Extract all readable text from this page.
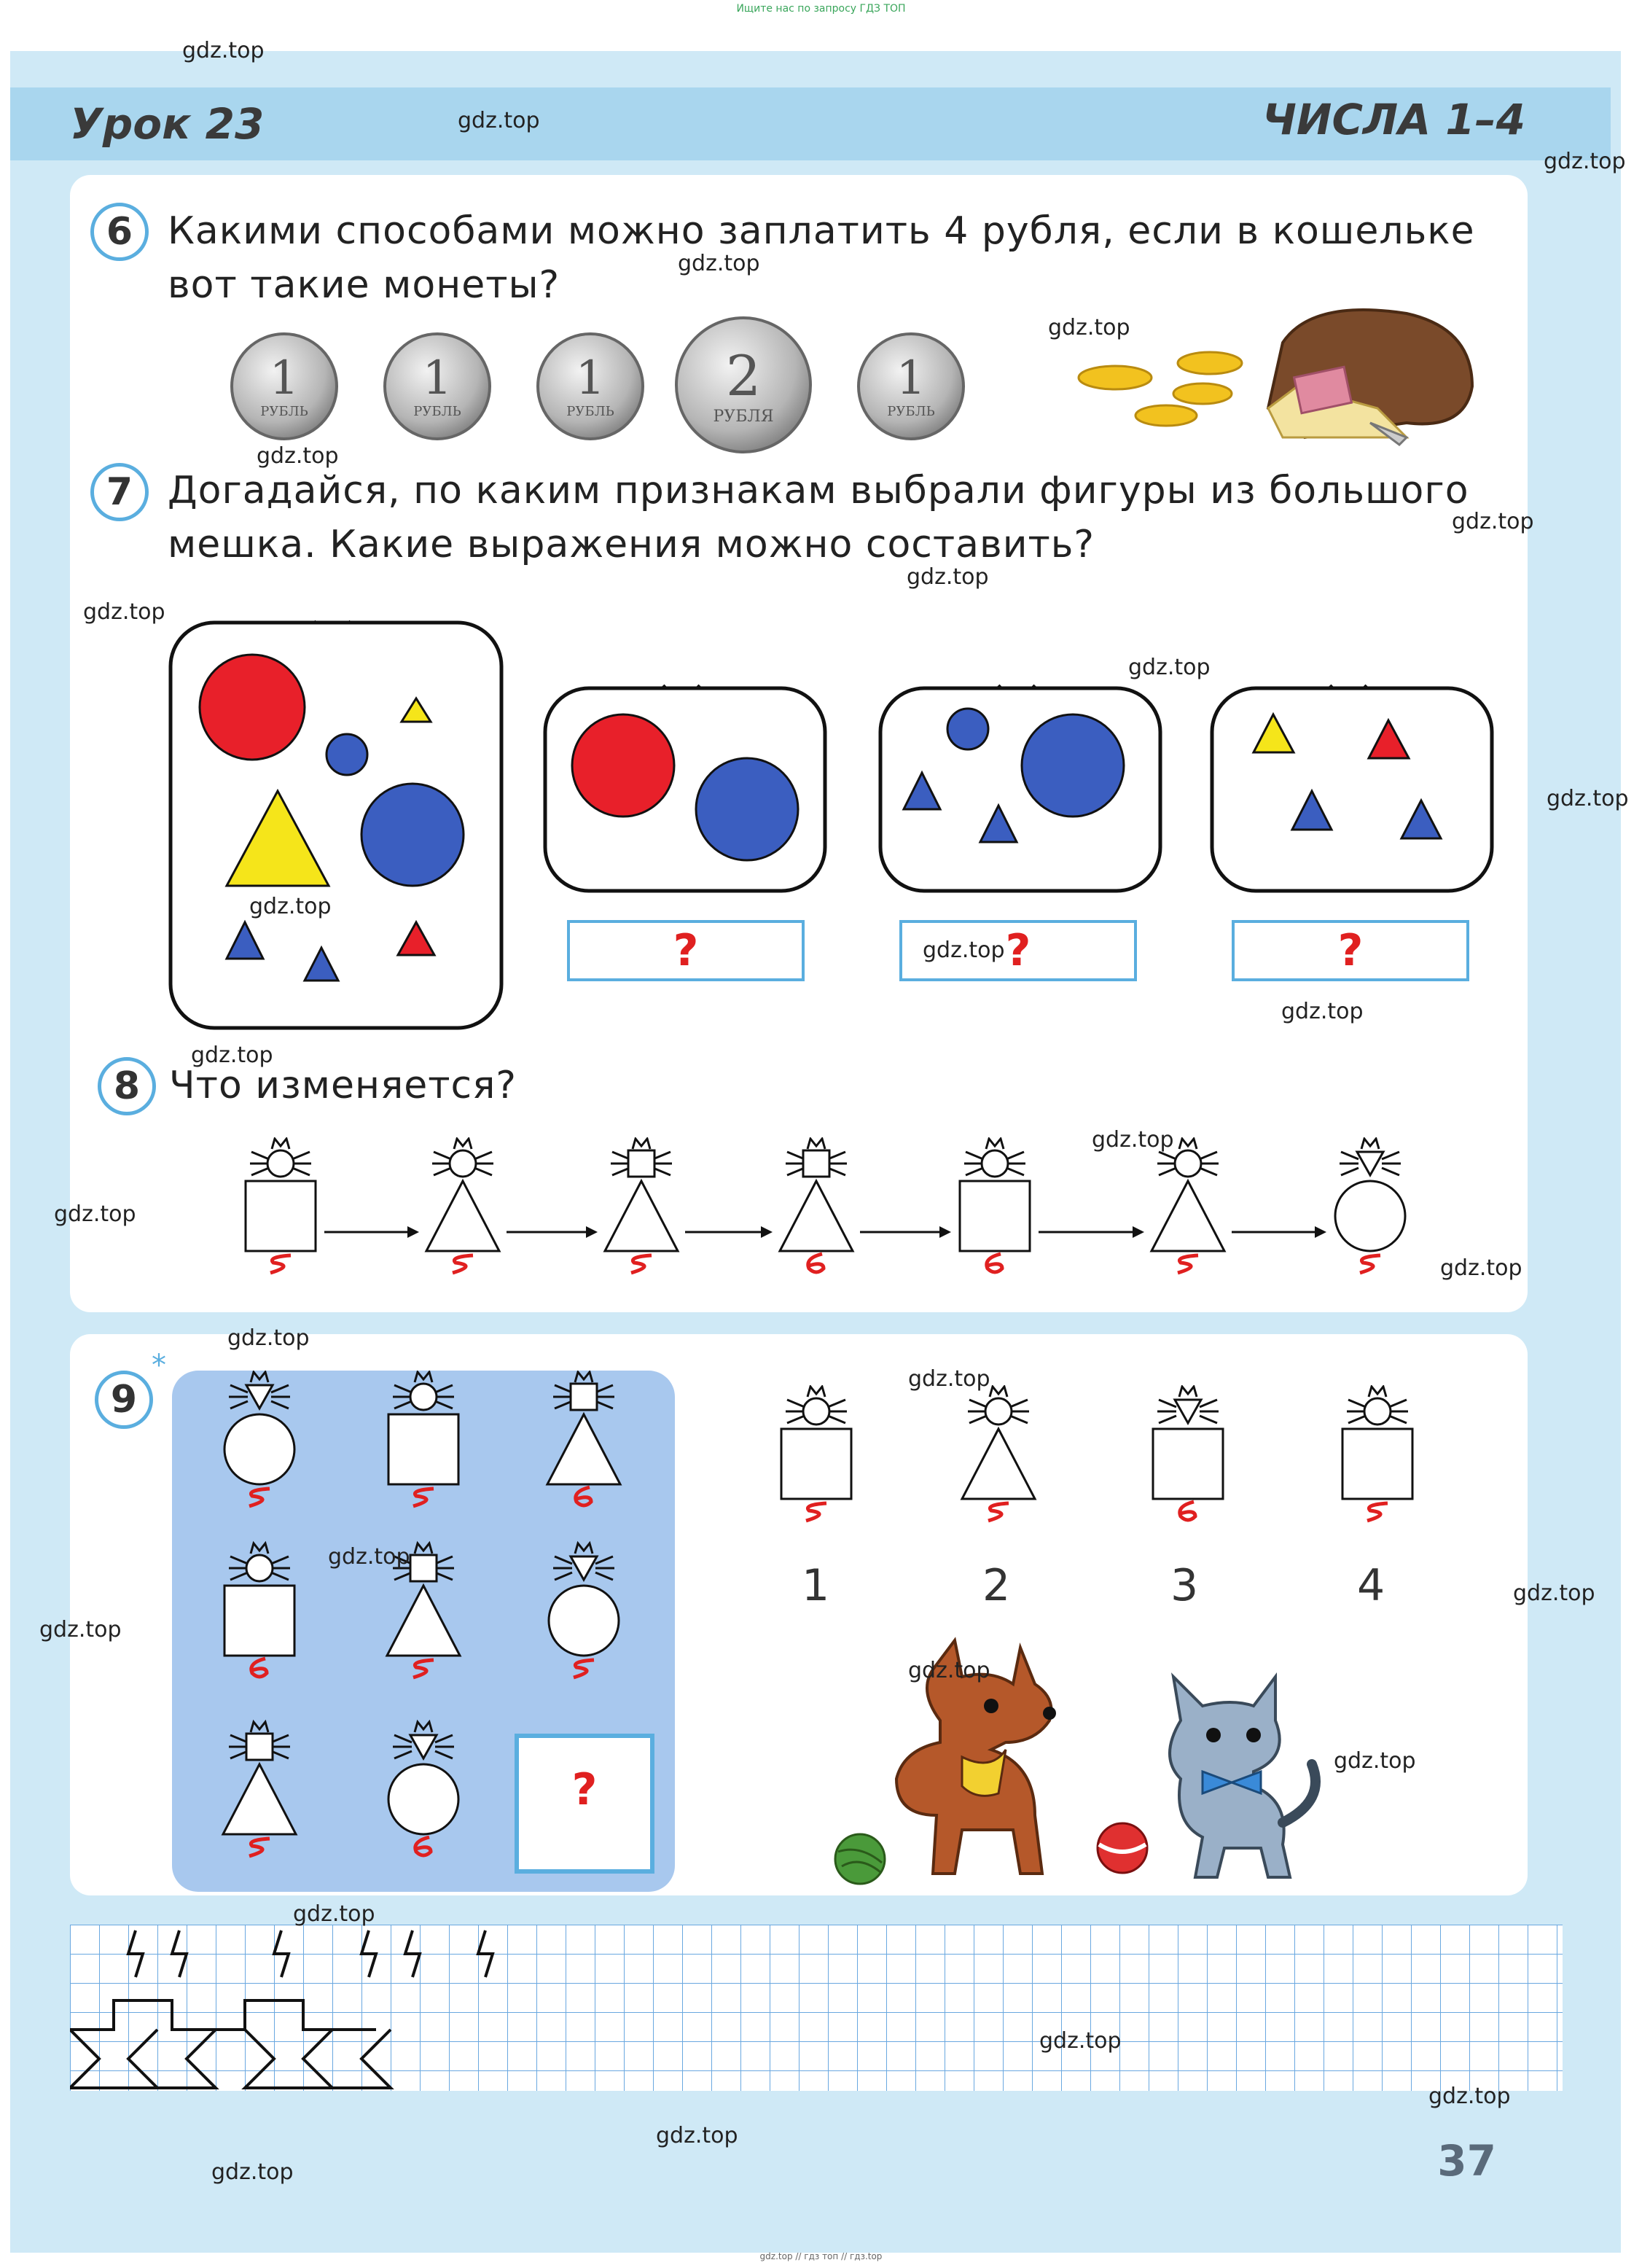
Ищите нас по запросу ГДЗ ТОП
Урок 23	ЧИСЛА 1–4
6 Какими способами можно заплатить 4 рубля, если в кошельке
вот такие монеты?
1
РУБЛЬ
1
РУБЛЬ
1
РУБЛЬ
2
РУБЛЯ
1
РУБЛЬ
7 Догадайся, по каким признакам выбрали фигуры из большого
мешка. Какие выражения можно составить?
?	?	?
8 Что изменяется?
9
*
?
1	2	3	4
37
gdz.top // гдз топ // гдз.top
gdz.top
gdz.top
gdz.top
gdz.top
gdz.top
gdz.top
gdz.top
gdz.top
gdz.top
gdz.top
gdz.top
gdz.top
gdz.top
gdz.top
gdz.top
gdz.top
gdz.top
gdz.top
gdz.top
gdz.top
gdz.top
gdz.top
gdz.top
gdz.top
gdz.top
gdz.top
gdz.top
gdz.top
gdz.top
gdz.top
